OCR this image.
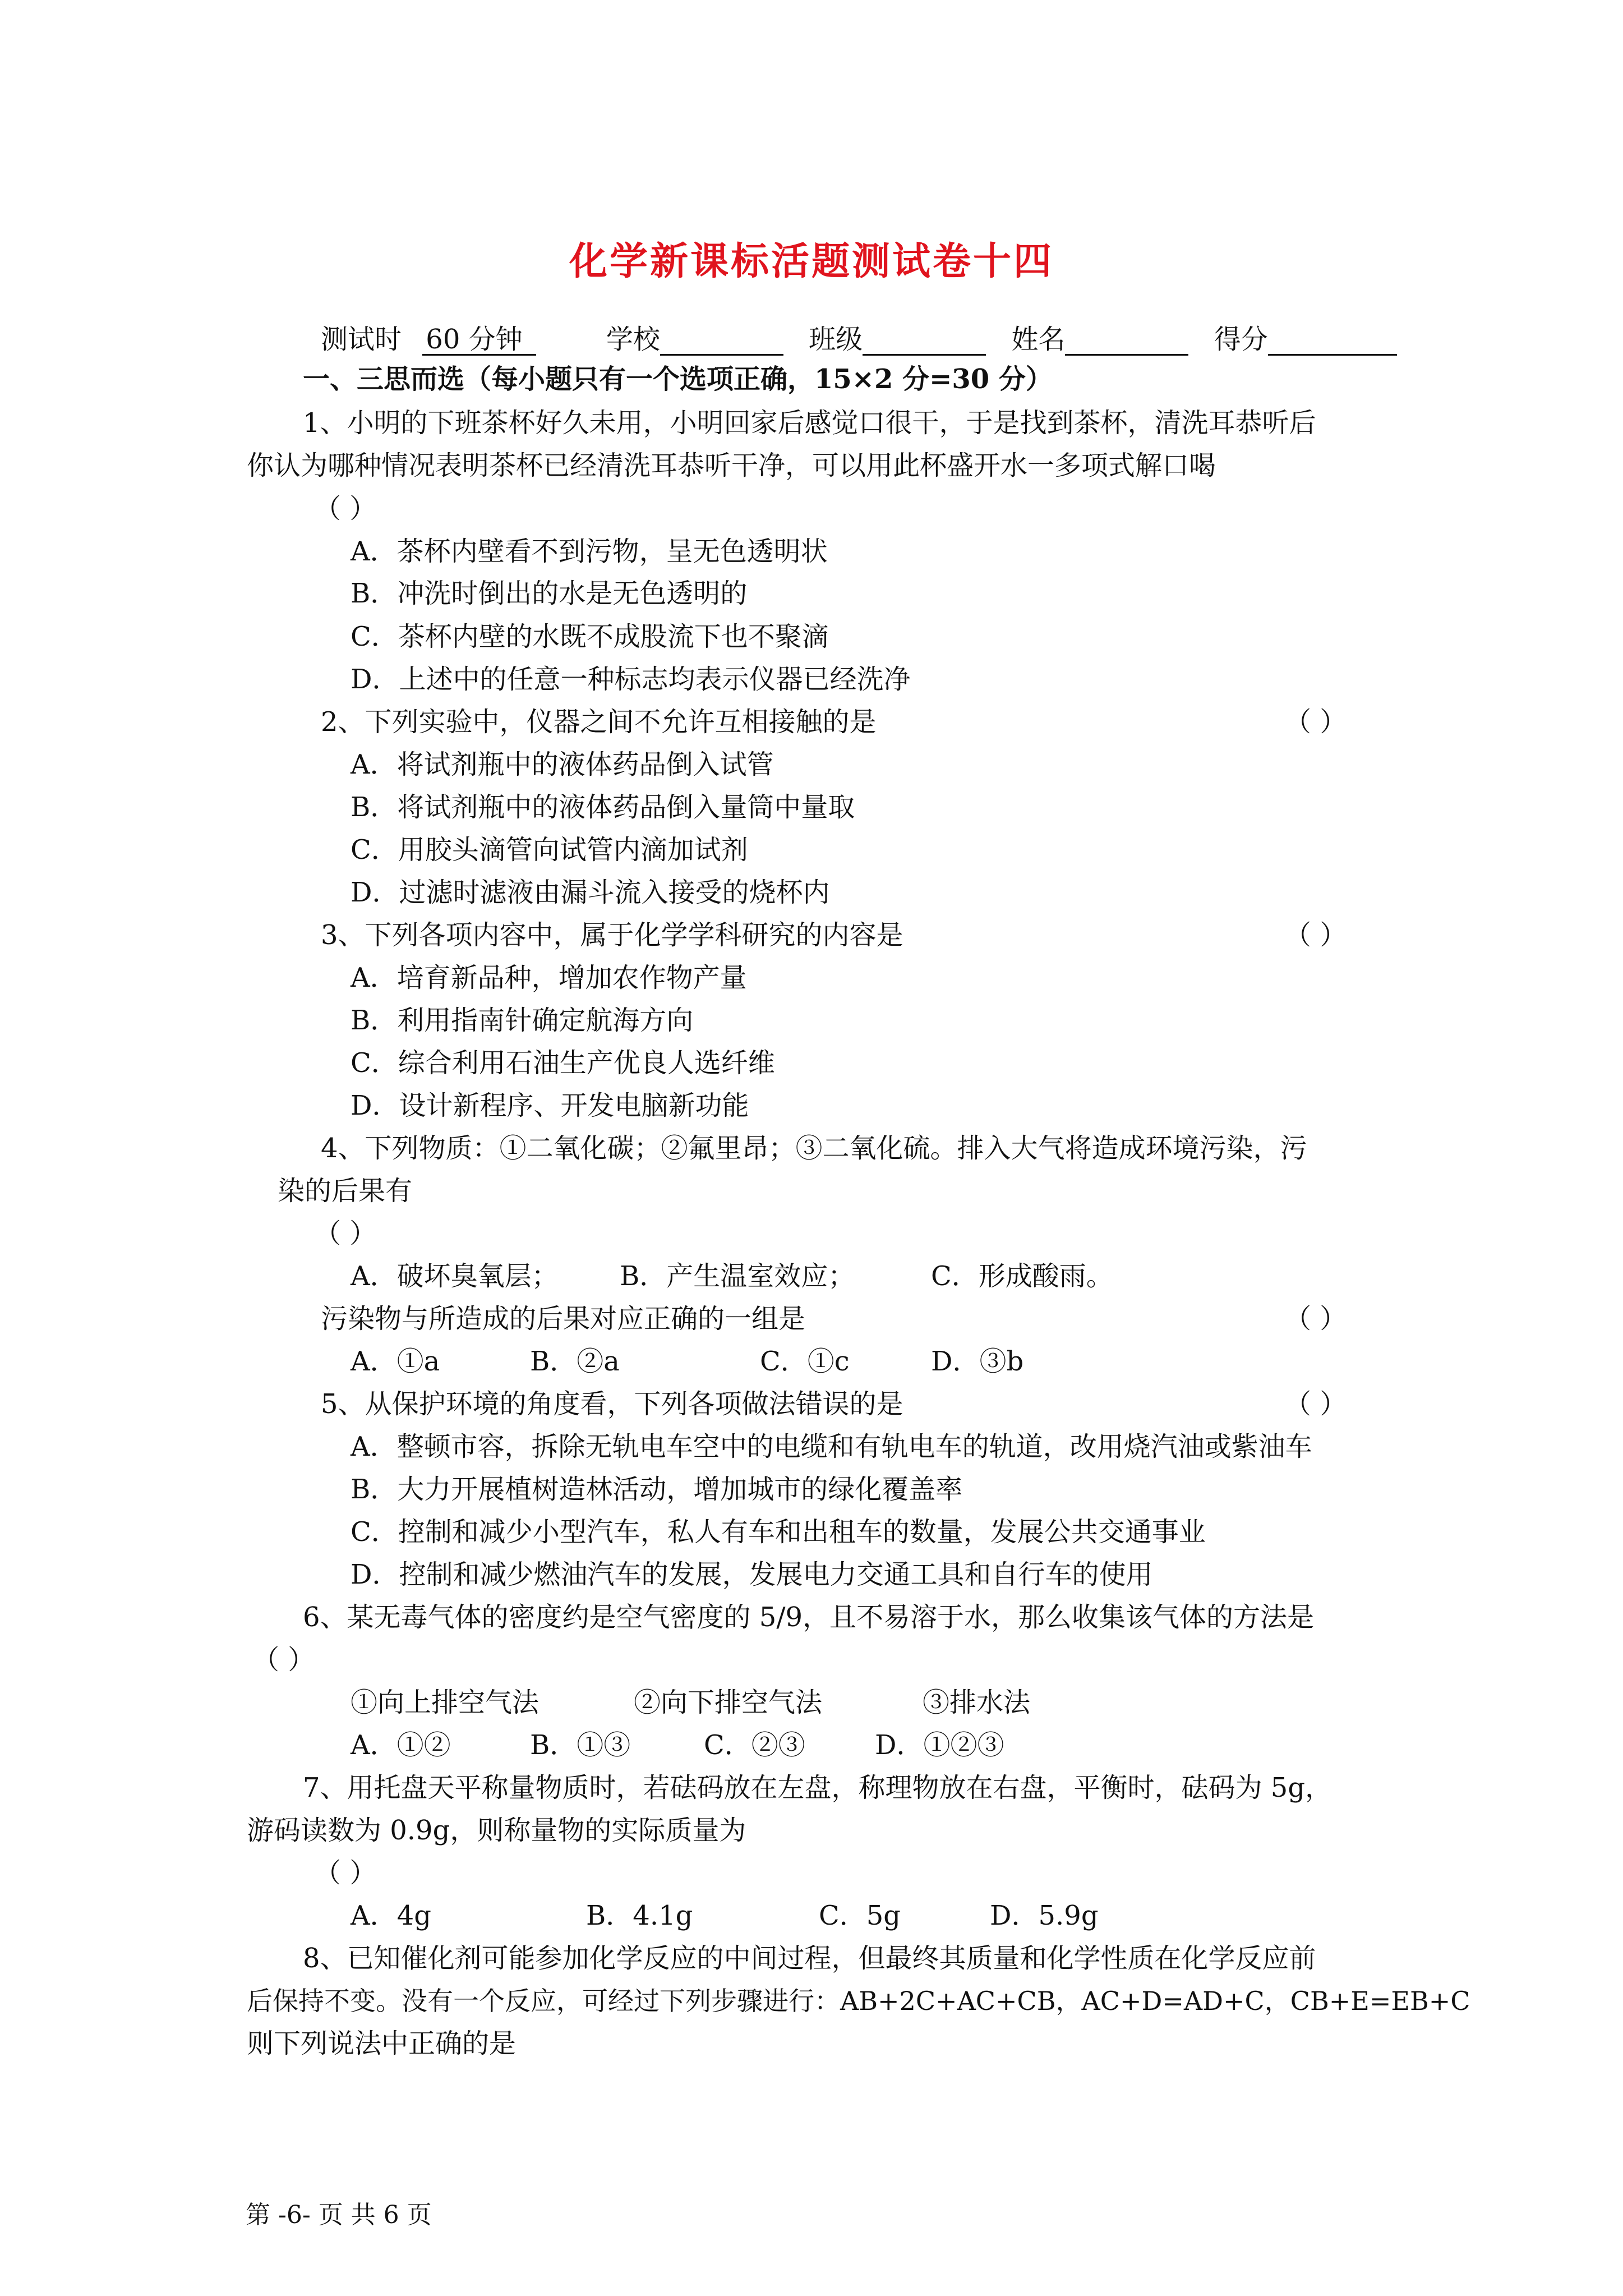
化学新课标活题测试卷十四
测试时 60 分钟	学校	班级	姓名	得分
一、三思而选（每小题只有一个选项正确，15×2 分=30 分）
1、小明的下班茶杯好久未用，小明回家后感觉口很干，于是找到茶杯，清洗耳恭听后
你认为哪种情况表明茶杯已经清洗耳恭听干净，可以用此杯盛开水一多项式解口喝
（ ）
A．茶杯内壁看不到污物，呈无色透明状
B．冲洗时倒出的水是无色透明的
C．茶杯内壁的水既不成股流下也不聚滴
D．上述中的任意一种标志均表示仪器已经洗净
2、下列实验中，仪器之间不允许互相接触的是	（ ）
A．将试剂瓶中的液体药品倒入试管
B．将试剂瓶中的液体药品倒入量筒中量取
C．用胶头滴管向试管内滴加试剂
D．过滤时滤液由漏斗流入接受的烧杯内
3、下列各项内容中，属于化学学科研究的内容是	（ ）
A．培育新品种，增加农作物产量
B．利用指南针确定航海方向
C．综合利用石油生产优良人选纤维
D．设计新程序、开发电脑新功能
4、下列物质：①二氧化碳；②氟里昂；③二氧化硫。排入大气将造成环境污染，污
染的后果有
（ ）
A．破坏臭氧层； B．产生温室效应；	C．形成酸雨。
污染物与所造成的后果对应正确的一组是	（ ）
A．①a	B．②a	C．①c	D．③b
5、从保护环境的角度看，下列各项做法错误的是	（ ）
A．整顿市容，拆除无轨电车空中的电缆和有轨电车的轨道，改用烧汽油或紫油车
B．大力开展植树造林活动，增加城市的绿化覆盖率
C．控制和减少小型汽车，私人有车和出租车的数量，发展公共交通事业
D．控制和减少燃油汽车的发展，发展电力交通工具和自行车的使用
6、某无毒气体的密度约是空气密度的 5/9，且不易溶于水，那么收集该气体的方法是
（ ）
①向上排空气法	②向下排空气法	③排水法
A．①②	B．①③	C．②③	D．①②③
7、用托盘天平称量物质时，若砝码放在左盘，称理物放在右盘，平衡时，砝码为 5g，
游码读数为 0.9g，则称量物的实际质量为
（ ）
A．4g	B．4.1g	C．5g	D．5.9g
8、已知催化剂可能参加化学反应的中间过程，但最终其质量和化学性质在化学反应前
后保持不变。没有一个反应，可经过下列步骤进行：AB+2C+AC+CB，AC+D=AD+C，CB+E=EB+C
则下列说法中正确的是
第 -6- 页 共 6 页
